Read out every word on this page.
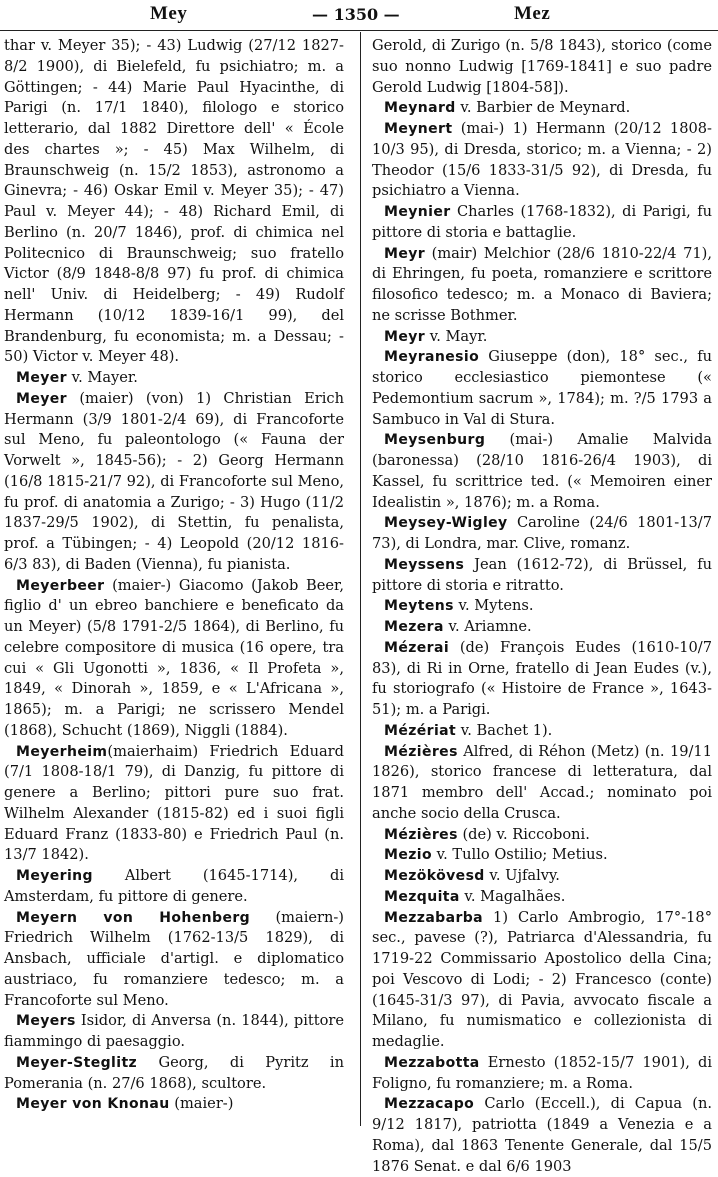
Mey	— 1350 —	Mez

thar v. Meyer 35); - 43) Ludwig (27/12 1827-8/2 1900), di Bielefeld, fu psichiatro; m. a Göttingen; - 44) Marie Paul Hyacinthe, di Parigi (n. 17/1 1840), filologo e storico letterario, dal 1882 Direttore dell' « École des chartes »; - 45) Max Wilhelm, di Braunschweig (n. 15/2 1853), astronomo a Ginevra; - 46) Oskar Emil v. Meyer 35); - 47) Paul v. Meyer 44); - 48) Richard Emil, di Berlino (n. 20/7 1846), prof. di chimica nel Politecnico di Braunschweig; suo fratello Victor (8/9 1848-8/8 97) fu prof. di chimica nell' Univ. di Heidelberg; - 49) Rudolf Hermann (10/12 1839-16/1 99), del Brandenburg, fu economista; m. a Dessau; - 50) Victor v. Meyer 48).

Meyer v. Mayer.

Meyer (maier) (von) 1) Christian Erich Hermann (3/9 1801-2/4 69), di Francoforte sul Meno, fu paleontologo (« Fauna der Vorwelt », 1845-56); - 2) Georg Hermann (16/8 1815-21/7 92), di Francoforte sul Meno, fu prof. di anatomia a Zurigo; - 3) Hugo (11/2 1837-29/5 1902), di Stettin, fu penalista, prof. a Tübingen; - 4) Leopold (20/12 1816-6/3 83), di Baden (Vienna), fu pianista.

Meyerbeer (maier-) Giacomo (Jakob Beer, figlio d' un ebreo banchiere e beneficato da un Meyer) (5/8 1791-2/5 1864), di Berlino, fu celebre compositore di musica (16 opere, tra cui « Gli Ugonotti », 1836, « Il Profeta », 1849, « Dinorah », 1859, e « L'Africana », 1865); m. a Parigi; ne scrissero Mendel (1868), Schucht (1869), Niggli (1884).

Meyerheim(maierhaim) Friedrich Eduard (7/1 1808-18/1 79), di Danzig, fu pittore di genere a Berlino; pittori pure suo frat. Wilhelm Alexander (1815-82) ed i suoi figli Eduard Franz (1833-80) e Friedrich Paul (n. 13/7 1842).

Meyering Albert (1645-1714), di Amsterdam, fu pittore di genere.

Meyern von Hohenberg (maiern-) Friedrich Wilhelm (1762-13/5 1829), di Ansbach, ufficiale d'artigl. e diplomatico austriaco, fu romanziere tedesco; m. a Francoforte sul Meno.

Meyers Isidor, di Anversa (n. 1844), pittore fiammingo di paesaggio.

Meyer-Steglitz Georg, di Pyritz in Pomerania (n. 27/6 1868), scultore.

Meyer von Knonau (maier-)

Gerold, di Zurigo (n. 5/8 1843), storico (come suo nonno Ludwig [1769-1841] e suo padre Gerold Ludwig [1804-58]).

Meynard v. Barbier de Meynard.

Meynert (mai-) 1) Hermann (20/12 1808-10/3 95), di Dresda, storico; m. a Vienna; - 2) Theodor (15/6 1833-31/5 92), di Dresda, fu psichiatro a Vienna.

Meynier Charles (1768-1832), di Parigi, fu pittore di storia e battaglie.

Meyr (mair) Melchior (28/6 1810-22/4 71), di Ehringen, fu poeta, romanziere e scrittore filosofico tedesco; m. a Monaco di Baviera; ne scrisse Bothmer.

Meyr v. Mayr.

Meyranesio Giuseppe (don), 18° sec., fu storico ecclesiastico piemontese (« Pedemontium sacrum », 1784); m. ?/5 1793 a Sambuco in Val di Stura.

Meysenburg (mai-) Amalie Malvida (baronessa) (28/10 1816-26/4 1903), di Kassel, fu scrittrice ted. (« Memoiren einer Idealistin », 1876); m. a Roma.

Meysey-Wigley Caroline (24/6 1801-13/7 73), di Londra, mar. Clive, romanz.

Meyssens Jean (1612-72), di Brüssel, fu pittore di storia e ritratto.

Meytens v. Mytens.

Mezera v. Ariamne.

Mézerai (de) François Eudes (1610-10/7 83), di Ri in Orne, fratello di Jean Eudes (v.), fu storiografo (« Histoire de France », 1643-51); m. a Parigi.

Mézériat v. Bachet 1).

Mézières Alfred, di Réhon (Metz) (n. 19/11 1826), storico francese di letteratura, dal 1871 membro dell' Accad.; nominato poi anche socio della Crusca.

Mézières (de) v. Riccoboni.

Mezio v. Tullo Ostilio; Metius.

Mezökövesd v. Ujfalvy.

Mezquita v. Magalhães.

Mezzabarba 1) Carlo Ambrogio, 17°-18° sec., pavese (?), Patriarca d'Alessandria, fu 1719-22 Commissario Apostolico della Cina; poi Vescovo di Lodi; - 2) Francesco (conte) (1645-31/3 97), di Pavia, avvocato fiscale a Milano, fu numismatico e collezionista di medaglie.

Mezzabotta Ernesto (1852-15/7 1901), di Foligno, fu romanziere; m. a Roma.

Mezzacapo Carlo (Eccell.), di Capua (n. 9/12 1817), patriotta (1849 a Venezia e a Roma), dal 1863 Tenente Generale, dal 15/5 1876 Senat. e dal 6/6 1903
